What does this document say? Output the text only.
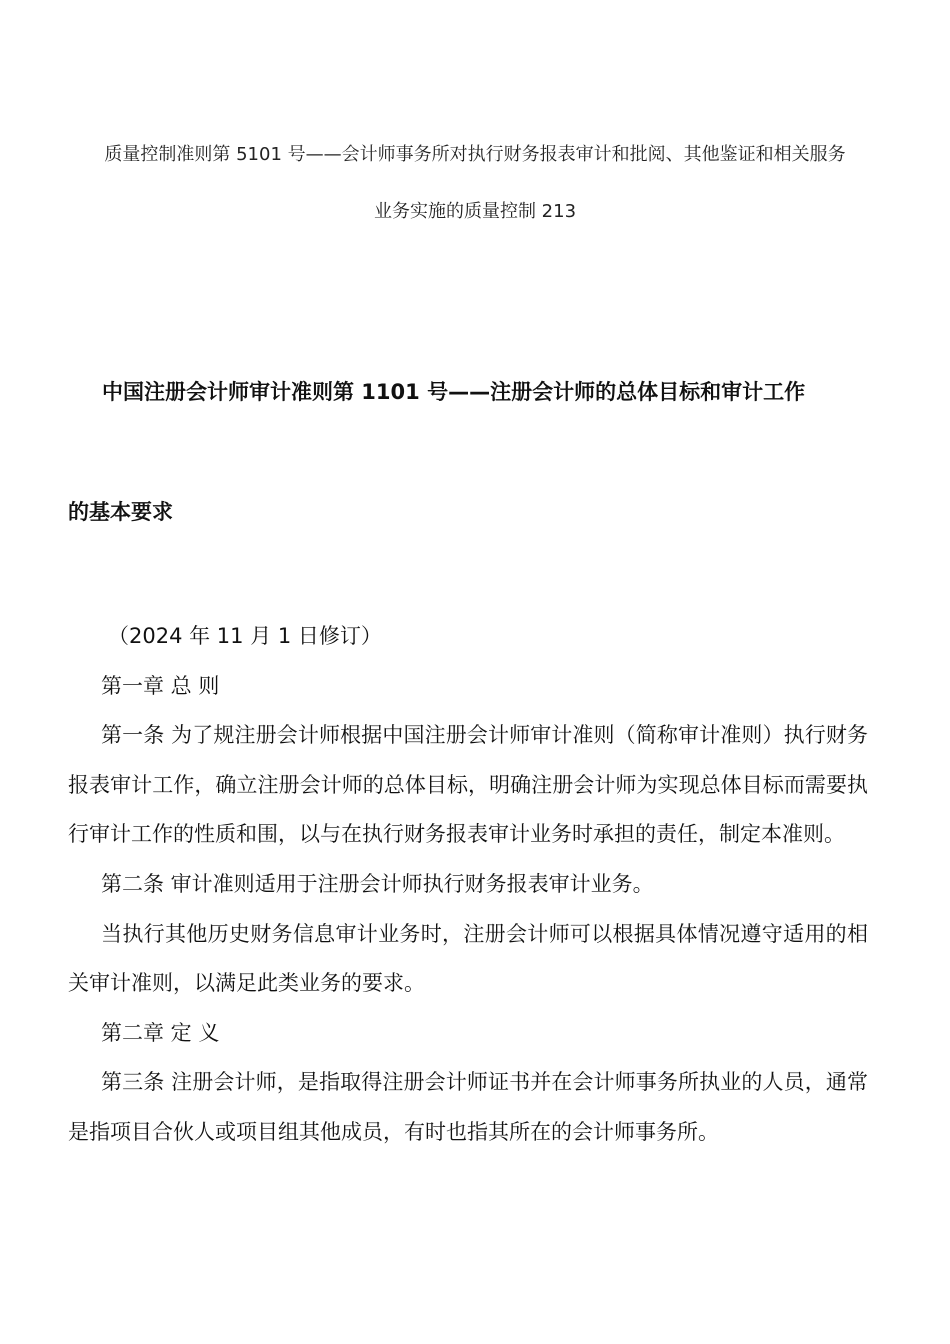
质量控制准则第 5101 号——会计师事务所对执行财务报表审计和批阅、其他鉴证和相关服务
业务实施的质量控制 213
中国注册会计师审计准则第 1101 号——注册会计师的总体目标和审计工作
的基本要求

（2024 年 11 月 1 日修订）

第一章 总 则

第一条 为了规注册会计师根据中国注册会计师审计准则（简称审计准则）执行财务报表审计工作，确立注册会计师的总体目标，明确注册会计师为实现总体目标而需要执行审计工作的性质和围，以与在执行财务报表审计业务时承担的责任，制定本准则。

第二条 审计准则适用于注册会计师执行财务报表审计业务。

当执行其他历史财务信息审计业务时，注册会计师可以根据具体情况遵守适用的相关审计准则，以满足此类业务的要求。

第二章 定 义

第三条 注册会计师，是指取得注册会计师证书并在会计师事务所执业的人员，通常是指项目合伙人或项目组其他成员，有时也指其所在的会计师事务所。
